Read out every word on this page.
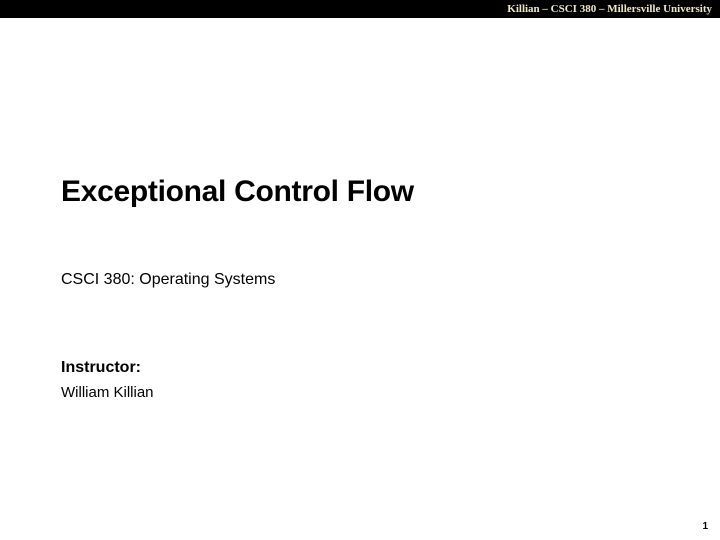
Killian – CSCI 380 – Millersville University
Exceptional Control Flow
CSCI 380: Operating Systems
Instructor:
William Killian
1
